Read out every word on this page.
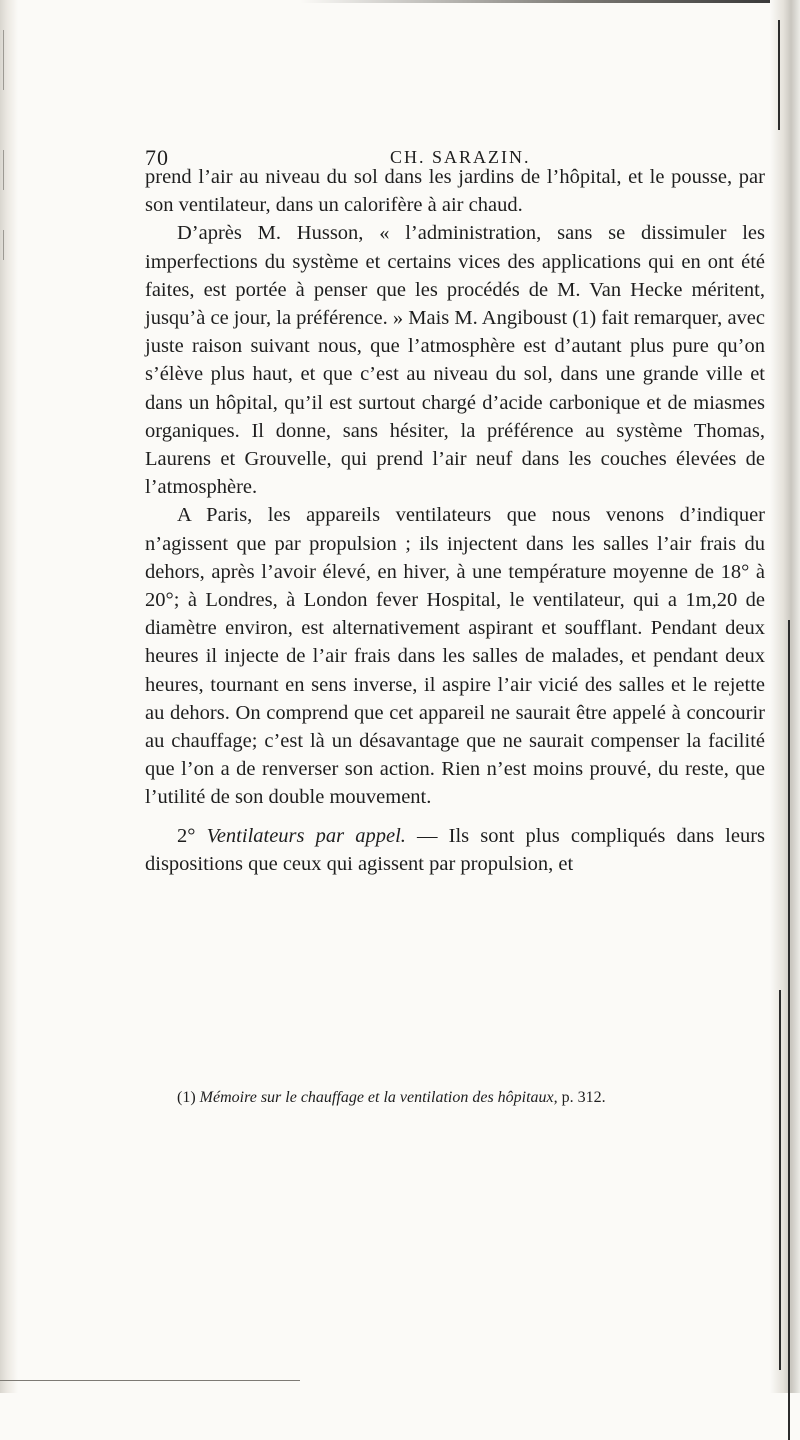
70	CH. SARAZIN.

prend l’air au niveau du sol dans les jardins de l’hôpital, et le pousse, par son ventilateur, dans un calorifère à air chaud.

D’après M. Husson, « l’administration, sans se dissimuler les imperfections du système et certains vices des applications qui en ont été faites, est portée à penser que les procédés de M. Van Hecke méritent, jusqu’à ce jour, la préférence. » Mais M. Angiboust (1) fait remarquer, avec juste raison suivant nous, que l’atmosphère est d’autant plus pure qu’on s’élève plus haut, et que c’est au niveau du sol, dans une grande ville et dans un hôpital, qu’il est surtout chargé d’acide carbonique et de miasmes organiques. Il donne, sans hésiter, la préférence au système Thomas, Laurens et Grouvelle, qui prend l’air neuf dans les couches élevées de l’atmosphère.

A Paris, les appareils ventilateurs que nous venons d’indiquer n’agissent que par propulsion ; ils injectent dans les salles l’air frais du dehors, après l’avoir élevé, en hiver, à une température moyenne de 18° à 20°; à Londres, à London fever Hospital, le ventilateur, qui a 1m,20 de diamètre environ, est alternativement aspirant et soufflant. Pendant deux heures il injecte de l’air frais dans les salles de malades, et pendant deux heures, tournant en sens inverse, il aspire l’air vicié des salles et le rejette au dehors. On comprend que cet appareil ne saurait être appelé à concourir au chauffage; c’est là un désavantage que ne saurait compenser la facilité que l’on a de renverser son action. Rien n’est moins prouvé, du reste, que l’utilité de son double mouvement.

2° Ventilateurs par appel. — Ils sont plus compliqués dans leurs dispositions que ceux qui agissent par propulsion, et

(1) Mémoire sur le chauffage et la ventilation des hôpitaux, p. 312.
